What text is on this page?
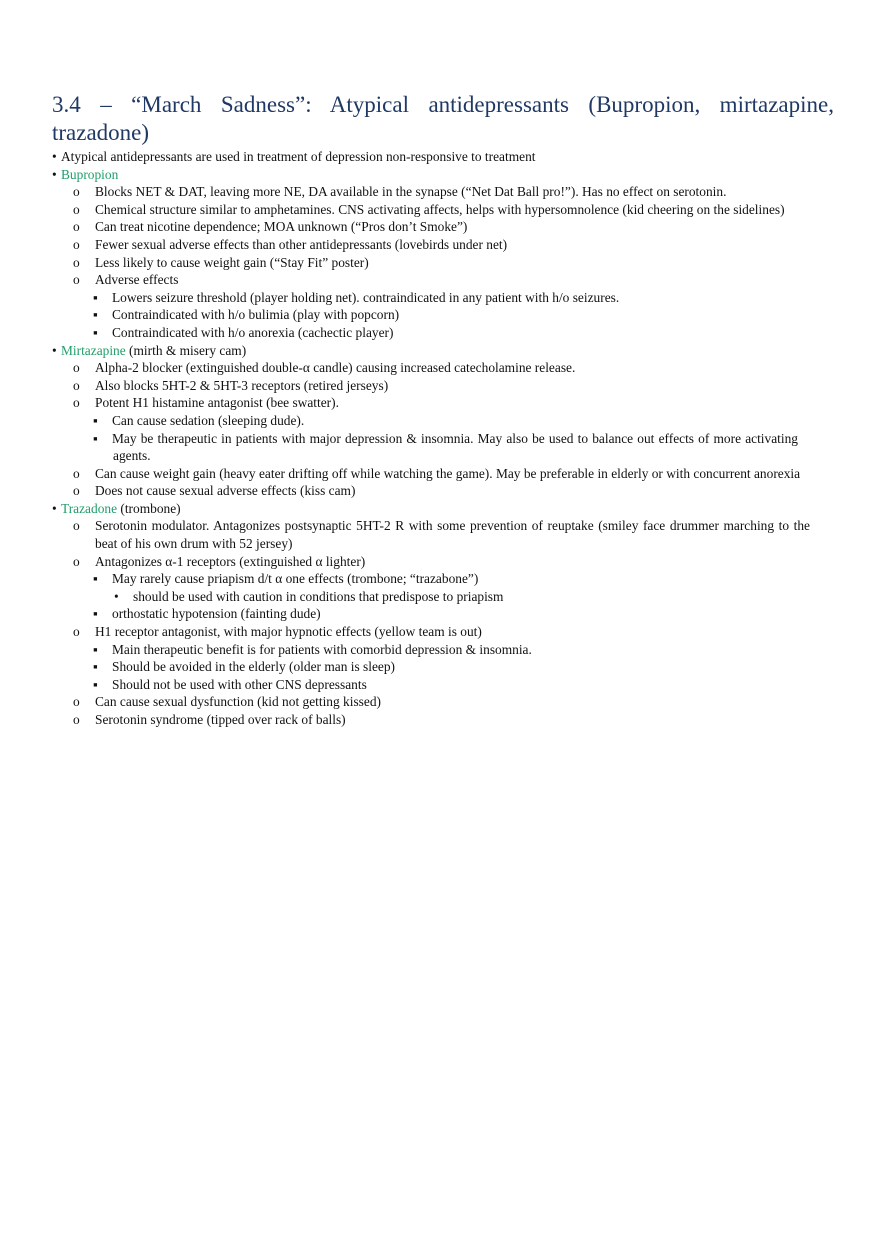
3.4 – “March Sadness”: Atypical antidepressants (Bupropion, mirtazapine, trazadone)
• Atypical antidepressants are used in treatment of depression non-responsive to treatment
• Bupropion
o Blocks NET & DAT, leaving more NE, DA available in the synapse (“Net Dat Ball pro!”). Has no effect on serotonin.
o Chemical structure similar to amphetamines. CNS activating affects, helps with hypersomnolence (kid cheering on the sidelines)
o Can treat nicotine dependence; MOA unknown (“Pros don’t Smoke”)
o Fewer sexual adverse effects than other antidepressants (lovebirds under net)
o Less likely to cause weight gain (“Stay Fit” poster)
o Adverse effects
▪ Lowers seizure threshold (player holding net). contraindicated in any patient with h/o seizures.
▪ Contraindicated with h/o bulimia (play with popcorn)
▪ Contraindicated with h/o anorexia (cachectic player)
• Mirtazapine (mirth & misery cam)
o Alpha-2 blocker (extinguished double-α candle) causing increased catecholamine release.
o Also blocks 5HT-2 & 5HT-3 receptors (retired jerseys)
o Potent H1 histamine antagonist (bee swatter).
▪ Can cause sedation (sleeping dude).
▪ May be therapeutic in patients with major depression & insomnia. May also be used to balance out effects of more activating agents.
o Can cause weight gain (heavy eater drifting off while watching the game). May be preferable in elderly or with concurrent anorexia
o Does not cause sexual adverse effects (kiss cam)
• Trazadone (trombone)
o Serotonin modulator. Antagonizes postsynaptic 5HT-2 R with some prevention of reuptake (smiley face drummer marching to the beat of his own drum with 52 jersey)
o Antagonizes α-1 receptors (extinguished α lighter)
▪ May rarely cause priapism d/t α one effects (trombone; “trazabone”)
• should be used with caution in conditions that predispose to priapism
▪ orthostatic hypotension (fainting dude)
o H1 receptor antagonist, with major hypnotic effects (yellow team is out)
▪ Main therapeutic benefit is for patients with comorbid depression & insomnia.
▪ Should be avoided in the elderly (older man is sleep)
▪ Should not be used with other CNS depressants
o Can cause sexual dysfunction (kid not getting kissed)
o Serotonin syndrome (tipped over rack of balls)
